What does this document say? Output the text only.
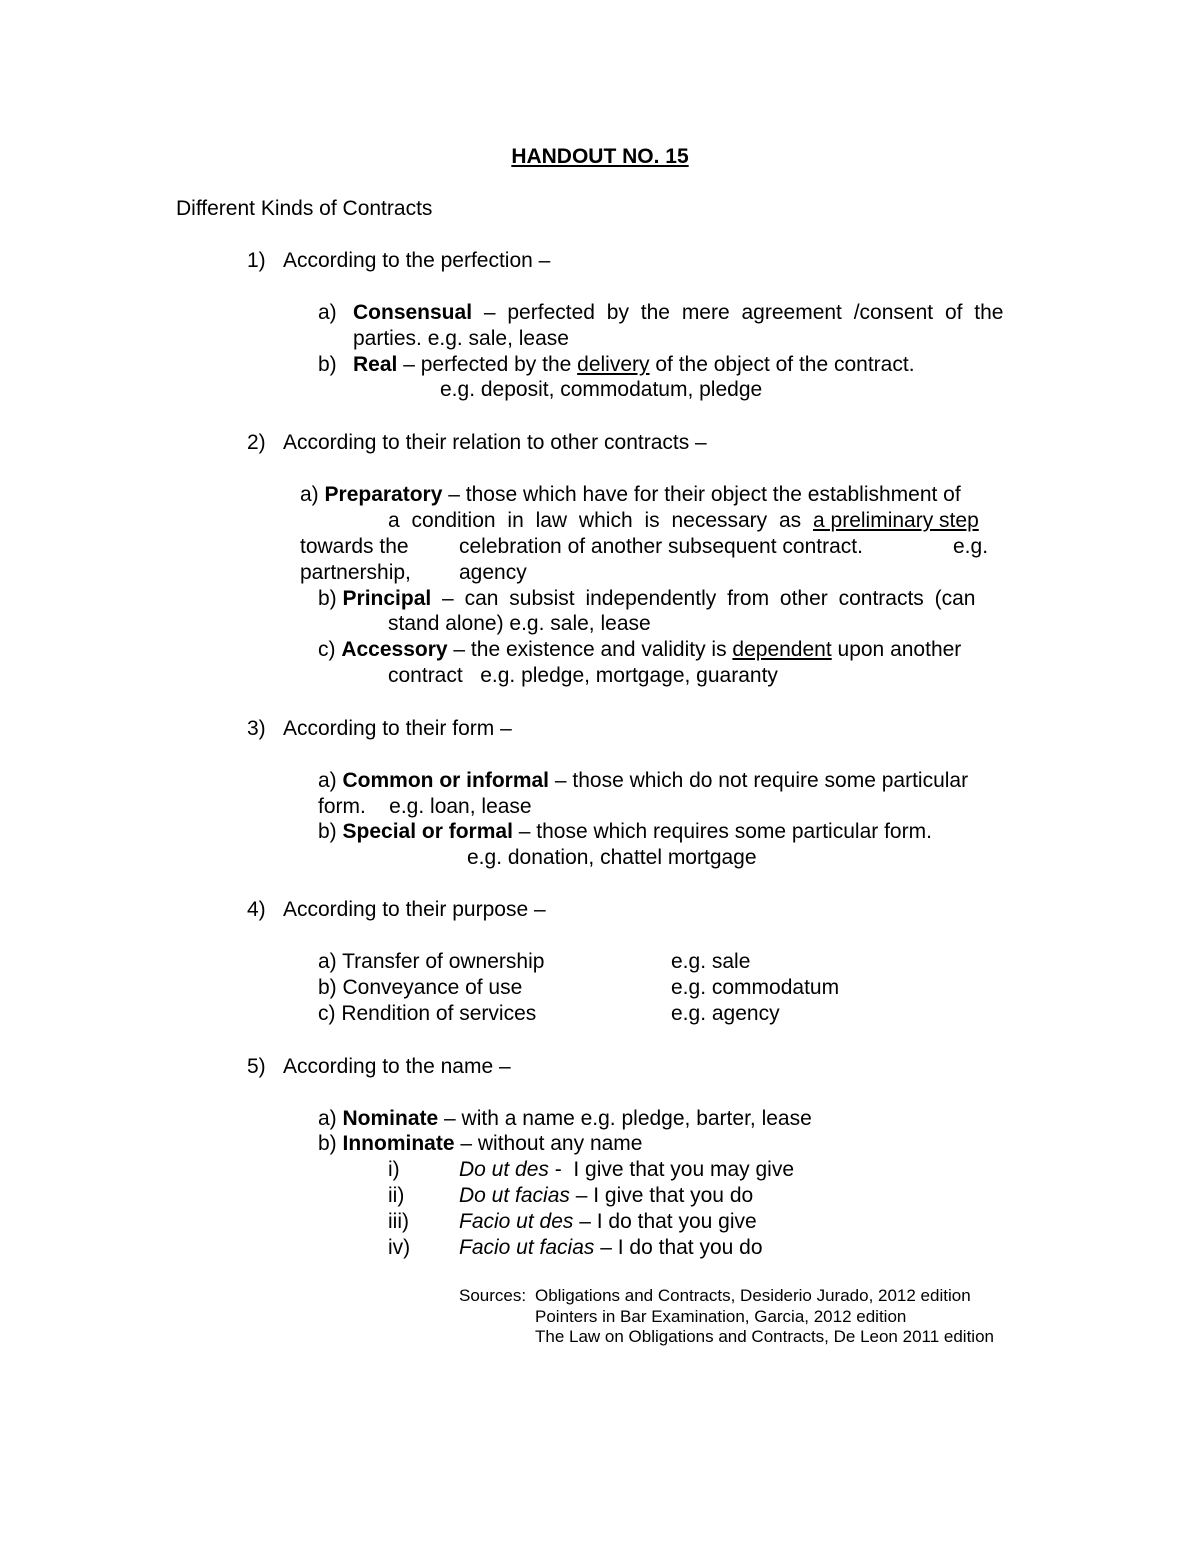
HANDOUT NO. 15
Different Kinds of Contracts
1) According to the perfection –
a) Consensual – perfected by the mere agreement /consent of the
parties. e.g. sale, lease
b) Real – perfected by the delivery of the object of the contract.
e.g. deposit, commodatum, pledge
2) According to their relation to other contracts –
a) Preparatory – those which have for their object the establishment of
a condition in law which is necessary as a preliminary step
towards the celebration of another subsequent contract.	e.g.
partnership, agency
b) Principal – can subsist independently from other contracts (can
stand alone) e.g. sale, lease
c) Accessory – the existence and validity is dependent upon another
contract   e.g. pledge, mortgage, guaranty
3) According to their form –
a) Common or informal – those which do not require some particular
form.    e.g. loan, lease
b) Special or formal – those which requires some particular form.
e.g. donation, chattel mortgage
4) According to their purpose –
a) Transfer of ownership	e.g. sale
b) Conveyance of use	e.g. commodatum
c) Rendition of services	e.g. agency
5) According to the name –
a) Nominate – with a name e.g. pledge, barter, lease
b) Innominate – without any name
i)	Do ut des -  I give that you may give
ii)	Do ut facias – I give that you do
iii) Facio ut des – I do that you give
iv) Facio ut facias – I do that you do
Sources: Obligations and Contracts, Desiderio Jurado, 2012 edition
Pointers in Bar Examination, Garcia, 2012 edition
The Law on Obligations and Contracts, De Leon 2011 edition
